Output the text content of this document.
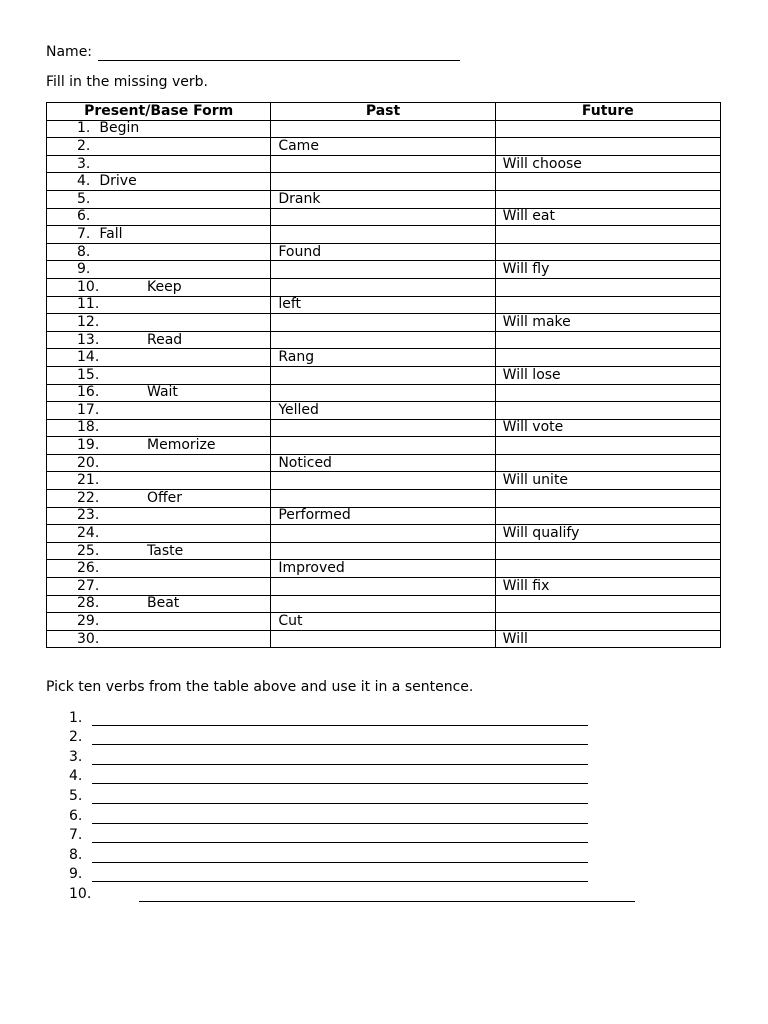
Name:
Fill in the missing verb.
Present/Base Form	Past	Future
1. Begin		
2.	Came	
3.		Will choose
4. Drive		
5.	Drank	
6.		Will eat
7. Fall		
8.	Found	
9.		Will fly
10. Keep		
11.	left	
12.		Will make
13. Read		
14.	Rang	
15.		Will lose
16. Wait		
17.	Yelled	
18.		Will vote
19. Memorize		
20.	Noticed	
21.		Will unite
22. Offer		
23.	Performed	
24.		Will qualify
25. Taste		
26.	Improved	
27.		Will fix
28. Beat		
29.	Cut	
30.		Will
Pick ten verbs from the table above and use it in a sentence.
1.
2.
3.
4.
5.
6.
7.
8.
9.
10.
